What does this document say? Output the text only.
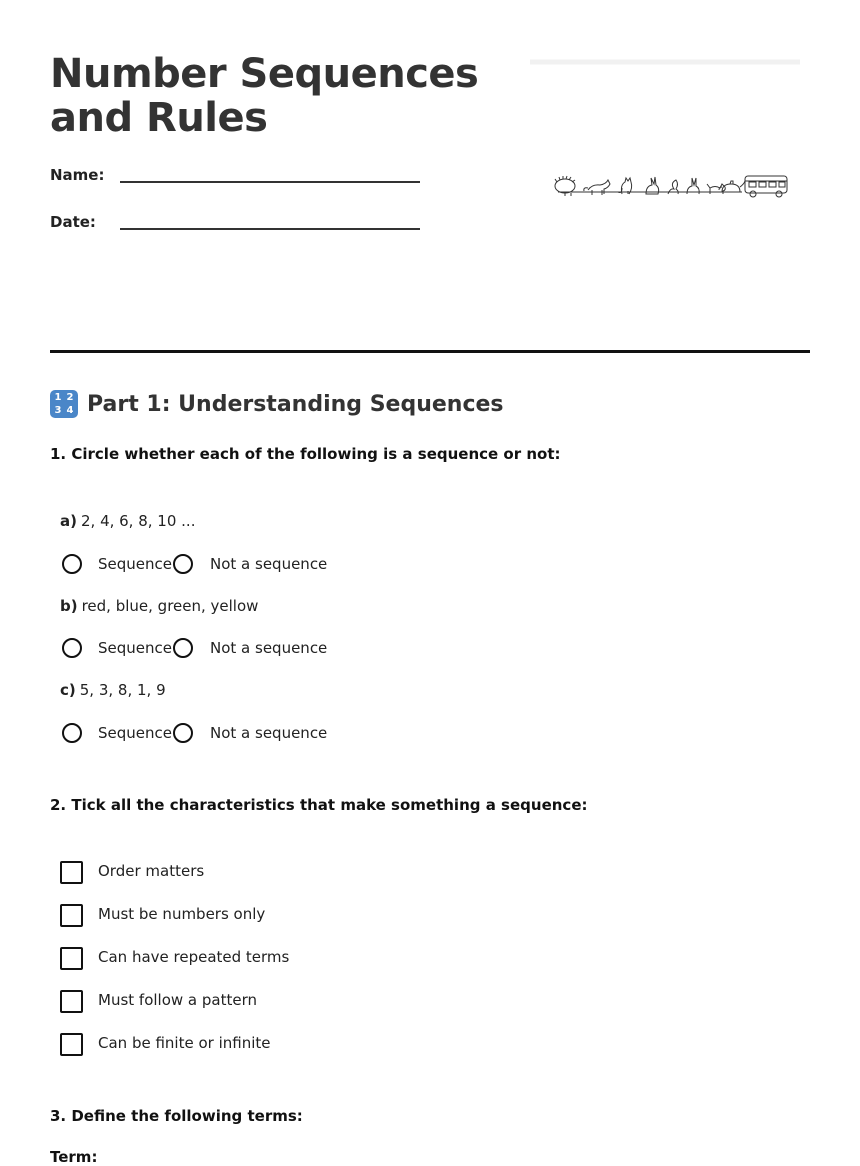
Number Sequences and Rules
Name:
Date:
1 2
3 4 Part 1: Understanding Sequences
1. Circle whether each of the following is a sequence or not:
a) 2, 4, 6, 8, 10 ...
Sequence	Not a sequence
b) red, blue, green, yellow
Sequence	Not a sequence
c) 5, 3, 8, 1, 9
Sequence	Not a sequence
2. Tick all the characteristics that make something a sequence:
Order matters
Must be numbers only
Can have repeated terms
Must follow a pattern
Can be finite or infinite
3. Define the following terms:
Term:
